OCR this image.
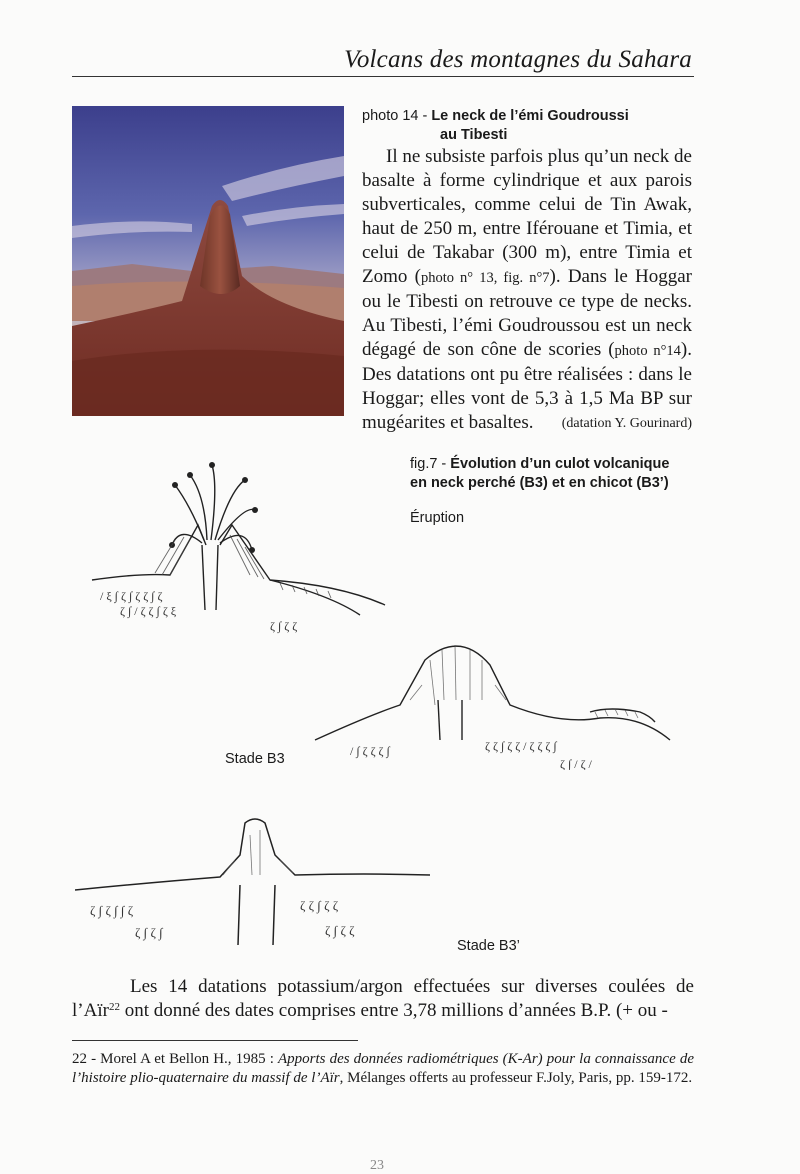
Volcans des montagnes du Sahara
photo 14 - Le neck de l’émi Goudroussi
au Tibesti

Il ne subsiste parfois plus qu’un neck de basalte à forme cylindrique et aux parois subverticales, comme celui de Tin Awak, haut de 250 m, entre Iférouane et Timia, et celui de Takabar (300 m), entre Timia et Zomo (photo n° 13, fig. n°7). Dans le Hoggar ou le Tibesti on retrouve ce type de necks. Au Tibesti, l’émi Goudroussou est un neck dégagé de son cône de scories (photo n°14). Des datations ont pu être réalisées : dans le Hoggar; elles vont de 5,3 à 1,5 Ma BP sur mugéarites et basaltes.	(datation Y. Gourinard)
fig.7 - Évolution d’un culot volcanique
en neck perché (B3) et en chicot (B3’)
Éruption
/ ξ ∫ ζ ∫ ζ ζ ∫ ζ
ζ ∫ / ζ ζ ∫ ζ ξ
ζ ∫ ζ ζ
/ ∫ ζ ζ ζ ∫	ζ ζ ∫ ζ ζ / ζ ζ ζ ∫
ζ ∫ / ζ /
Stade B3
ζ ∫ ζ ∫ ∫ ζ
ζ ∫ ζ ∫
ζ ζ ∫ ζ ζ
ζ ∫ ζ ζ
Stade B3’

Les 14 datations potassium/argon effectuées sur diverses coulées de l’Aïr$^{22}$ ont donné des dates comprises entre 3,78 millions d’années B.P. (+ ou -

22 - Morel A et Bellon H., 1985 : Apports des données radiométriques (K-Ar) pour la connaissance de l’histoire plio-quaternaire du massif de l’Aïr, Mélanges offerts au professeur F.Joly, Paris, pp. 159-172.
23
